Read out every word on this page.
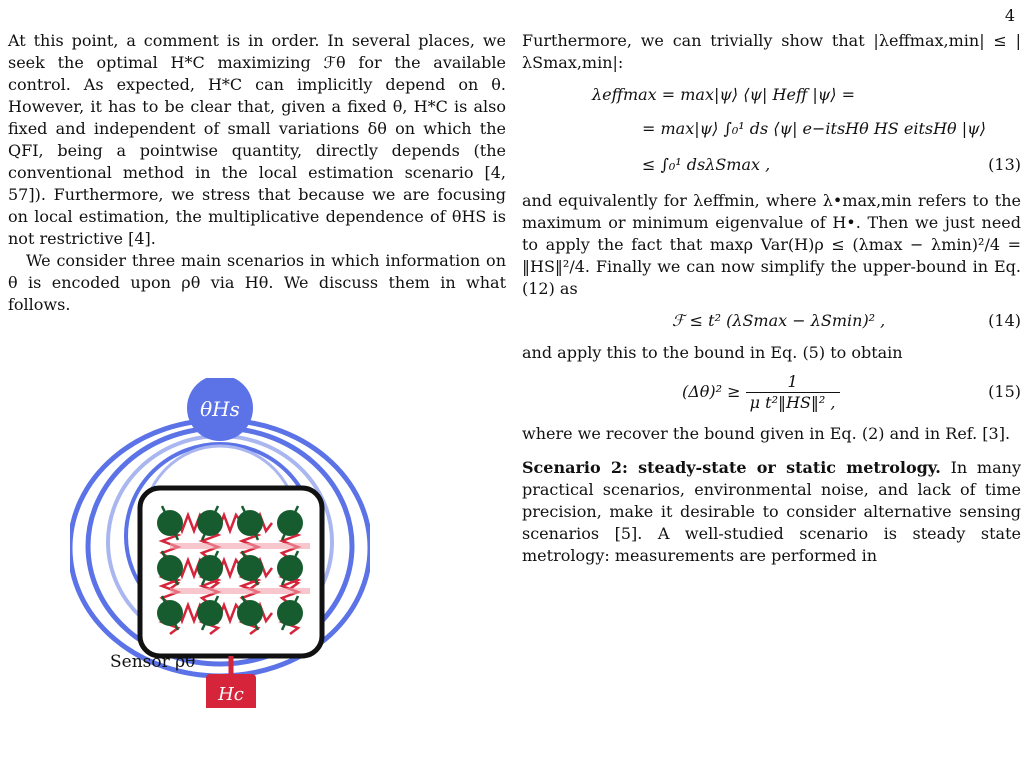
4

At this point, a comment is in order. In several places, we seek the optimal H*C maximizing ℱθ for the available control. As expected, H*C can implicitly depend on θ. However, it has to be clear that, given a fixed θ, H*C is also fixed and independent of small variations δθ on which the QFI, being a pointwise quantity, directly depends (the conventional method in the local estimation scenario [4, 57]). Furthermore, we stress that because we are focusing on local estimation, the multiplicative dependence of θHS is not restrictive [4].

We consider three main scenarios in which information on θ is encoded upon ρθ via Hθ. We discuss them in what follows.

θHs
Hc
Sensor ρθ

Furthermore, we can trivially show that |λeffmax,min| ≤ |λSmax,min|:

λeffmax = max|ψ⟩ ⟨ψ| Heff |ψ⟩ =
= max|ψ⟩ ∫₀¹ ds ⟨ψ| e−itsHθ HS eitsHθ |ψ⟩
≤ ∫₀¹ dsλSmax ,	(13)

and equivalently for λeffmin, where λ•max,min refers to the maximum or minimum eigenvalue of H•. Then we just need to apply the fact that maxρ Var(H)ρ ≤ (λmax − λmin)²/4 = ‖HS‖²/4. Finally we can now simplify the upper-bound in Eq. (12) as

ℱ ≤ t² (λSmax − λSmin)² ,	(14)

and apply this to the bound in Eq. (5) to obtain

$(\Delta\theta)^2 \ge \frac{1}{\text{μ t²‖HS‖² ,}}$	(15)

where we recover the bound given in Eq. (2) and in Ref. [3].

Scenario 2: steady-state or static metrology. In many practical scenarios, environmental noise, and lack of time precision, make it desirable to consider alternative sensing scenarios [5]. A well-studied scenario is steady state metrology: measurements are performed in
